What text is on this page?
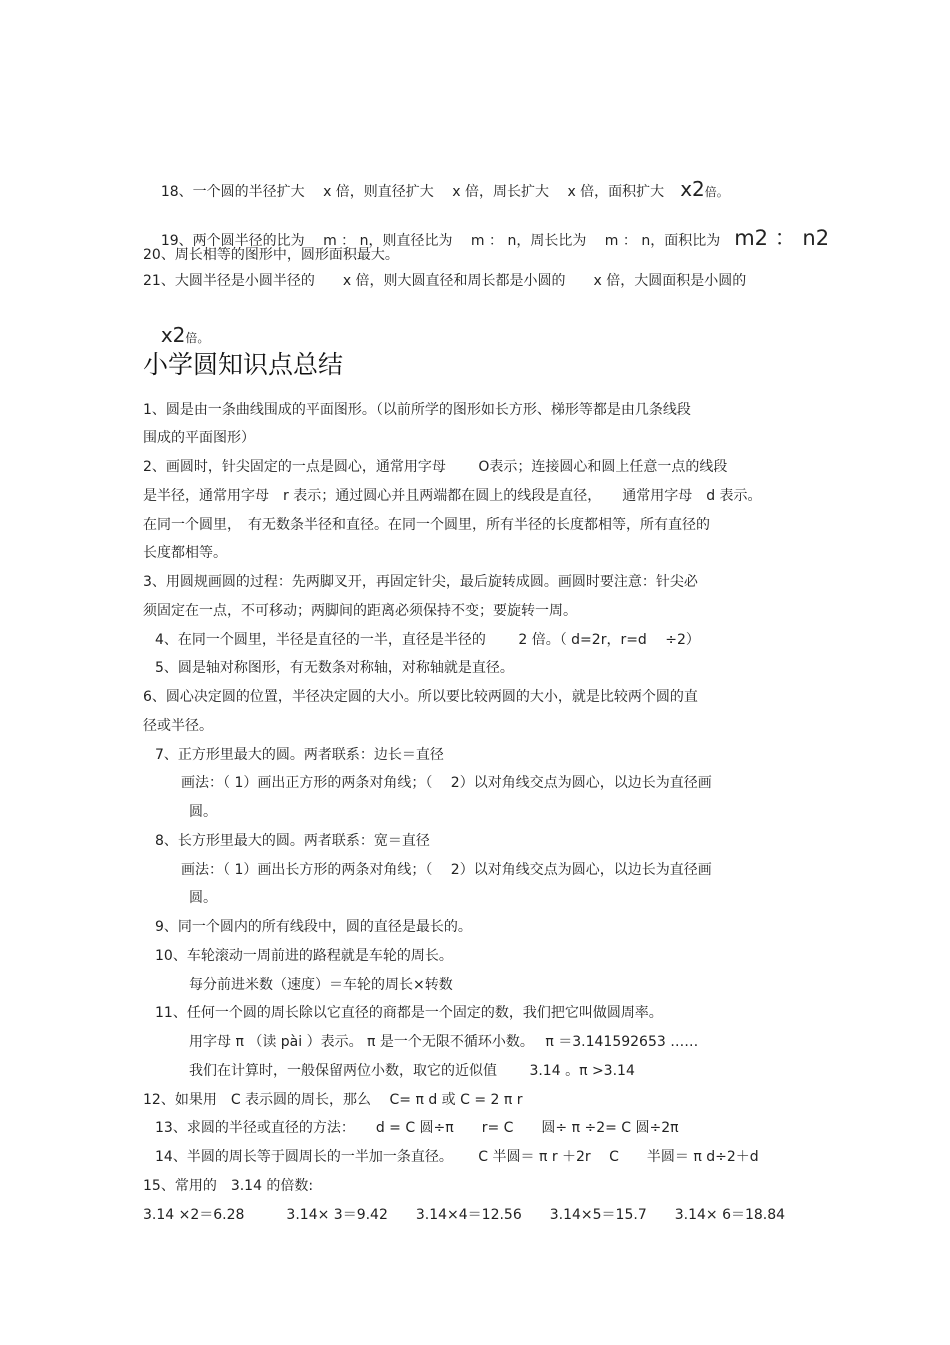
18、一个圆的半径扩大　 x 倍，则直径扩大　 x 倍，周长扩大　 x 倍，面积扩大 x2倍。

19、两个圆半径的比为　 m ： n，则直径比为　 m ： n，周长比为　 m ： n，面积比为 m2 ： n2

20、周长相等的图形中，圆形面积最大。
21、大圆半径是小圆半径的　　x 倍，则大圆直径和周长都是小圆的　　x 倍，大圆面积是小圆的

x2倍。

小学圆知识点总结
1、圆是由一条曲线围成的平面图形。（以前所学的图形如长方形、梯形等都是由几条线段
围成的平面图形）
2、画圆时，针尖固定的一点是圆心，通常用字母　　 O表示；连接圆心和圆上任意一点的线段
是半径，通常用字母　r 表示；通过圆心并且两端都在圆上的线段是直径，　　通常用字母　d 表示。
在同一个圆里，　有无数条半径和直径。在同一个圆里，所有半径的长度都相等，所有直径的
长度都相等。
3、用圆规画圆的过程：先两脚叉开，再固定针尖，最后旋转成圆。画圆时要注意：针尖必
须固定在一点，不可移动；两脚间的距离必须保持不变；要旋转一周。
4、在同一个圆里，半径是直径的一半，直径是半径的　　 2 倍。（ d=2r，r=d　 ÷2）
5、圆是轴对称图形，有无数条对称轴，对称轴就是直径。
6、圆心决定圆的位置，半径决定圆的大小。所以要比较两圆的大小，就是比较两个圆的直
径或半径。
7、正方形里最大的圆。两者联系：边长＝直径
画法：（ 1）画出正方形的两条对角线；（　 2）以对角线交点为圆心，以边长为直径画
圆。
8、长方形里最大的圆。两者联系：宽＝直径
画法：（ 1）画出长方形的两条对角线；（　 2）以对角线交点为圆心，以边长为直径画
圆。
9、同一个圆内的所有线段中，圆的直径是最长的。
10、车轮滚动一周前进的路程就是车轮的周长。
每分前进米数（速度）＝车轮的周长×转数
11、任何一个圆的周长除以它直径的商都是一个固定的数，我们把它叫做圆周率。
用字母 π （读 pài ）表示。 π 是一个无限不循环小数。　 π ＝3.141592653 ……
我们在计算时，一般保留两位小数，取它的近似值　　 3.14 。π >3.14
12、如果用　C 表示圆的周长，那么　 C= π d 或 C = 2 π r
13、求圆的半径或直径的方法：　　d = C 圆÷π　　r= C　　圆÷ π ÷2= C 圆÷2π
14、半圆的周长等于圆周长的一半加一条直径。　　 C 半圆＝ π r ＋2r　 C　　半圆＝ π d÷2＋d
15、常用的　3.14 的倍数:
3.14 ×2＝6.28　　　3.14× 3＝9.42　　3.14×4＝12.56　　3.14×5＝15.7　　3.14× 6＝18.84
